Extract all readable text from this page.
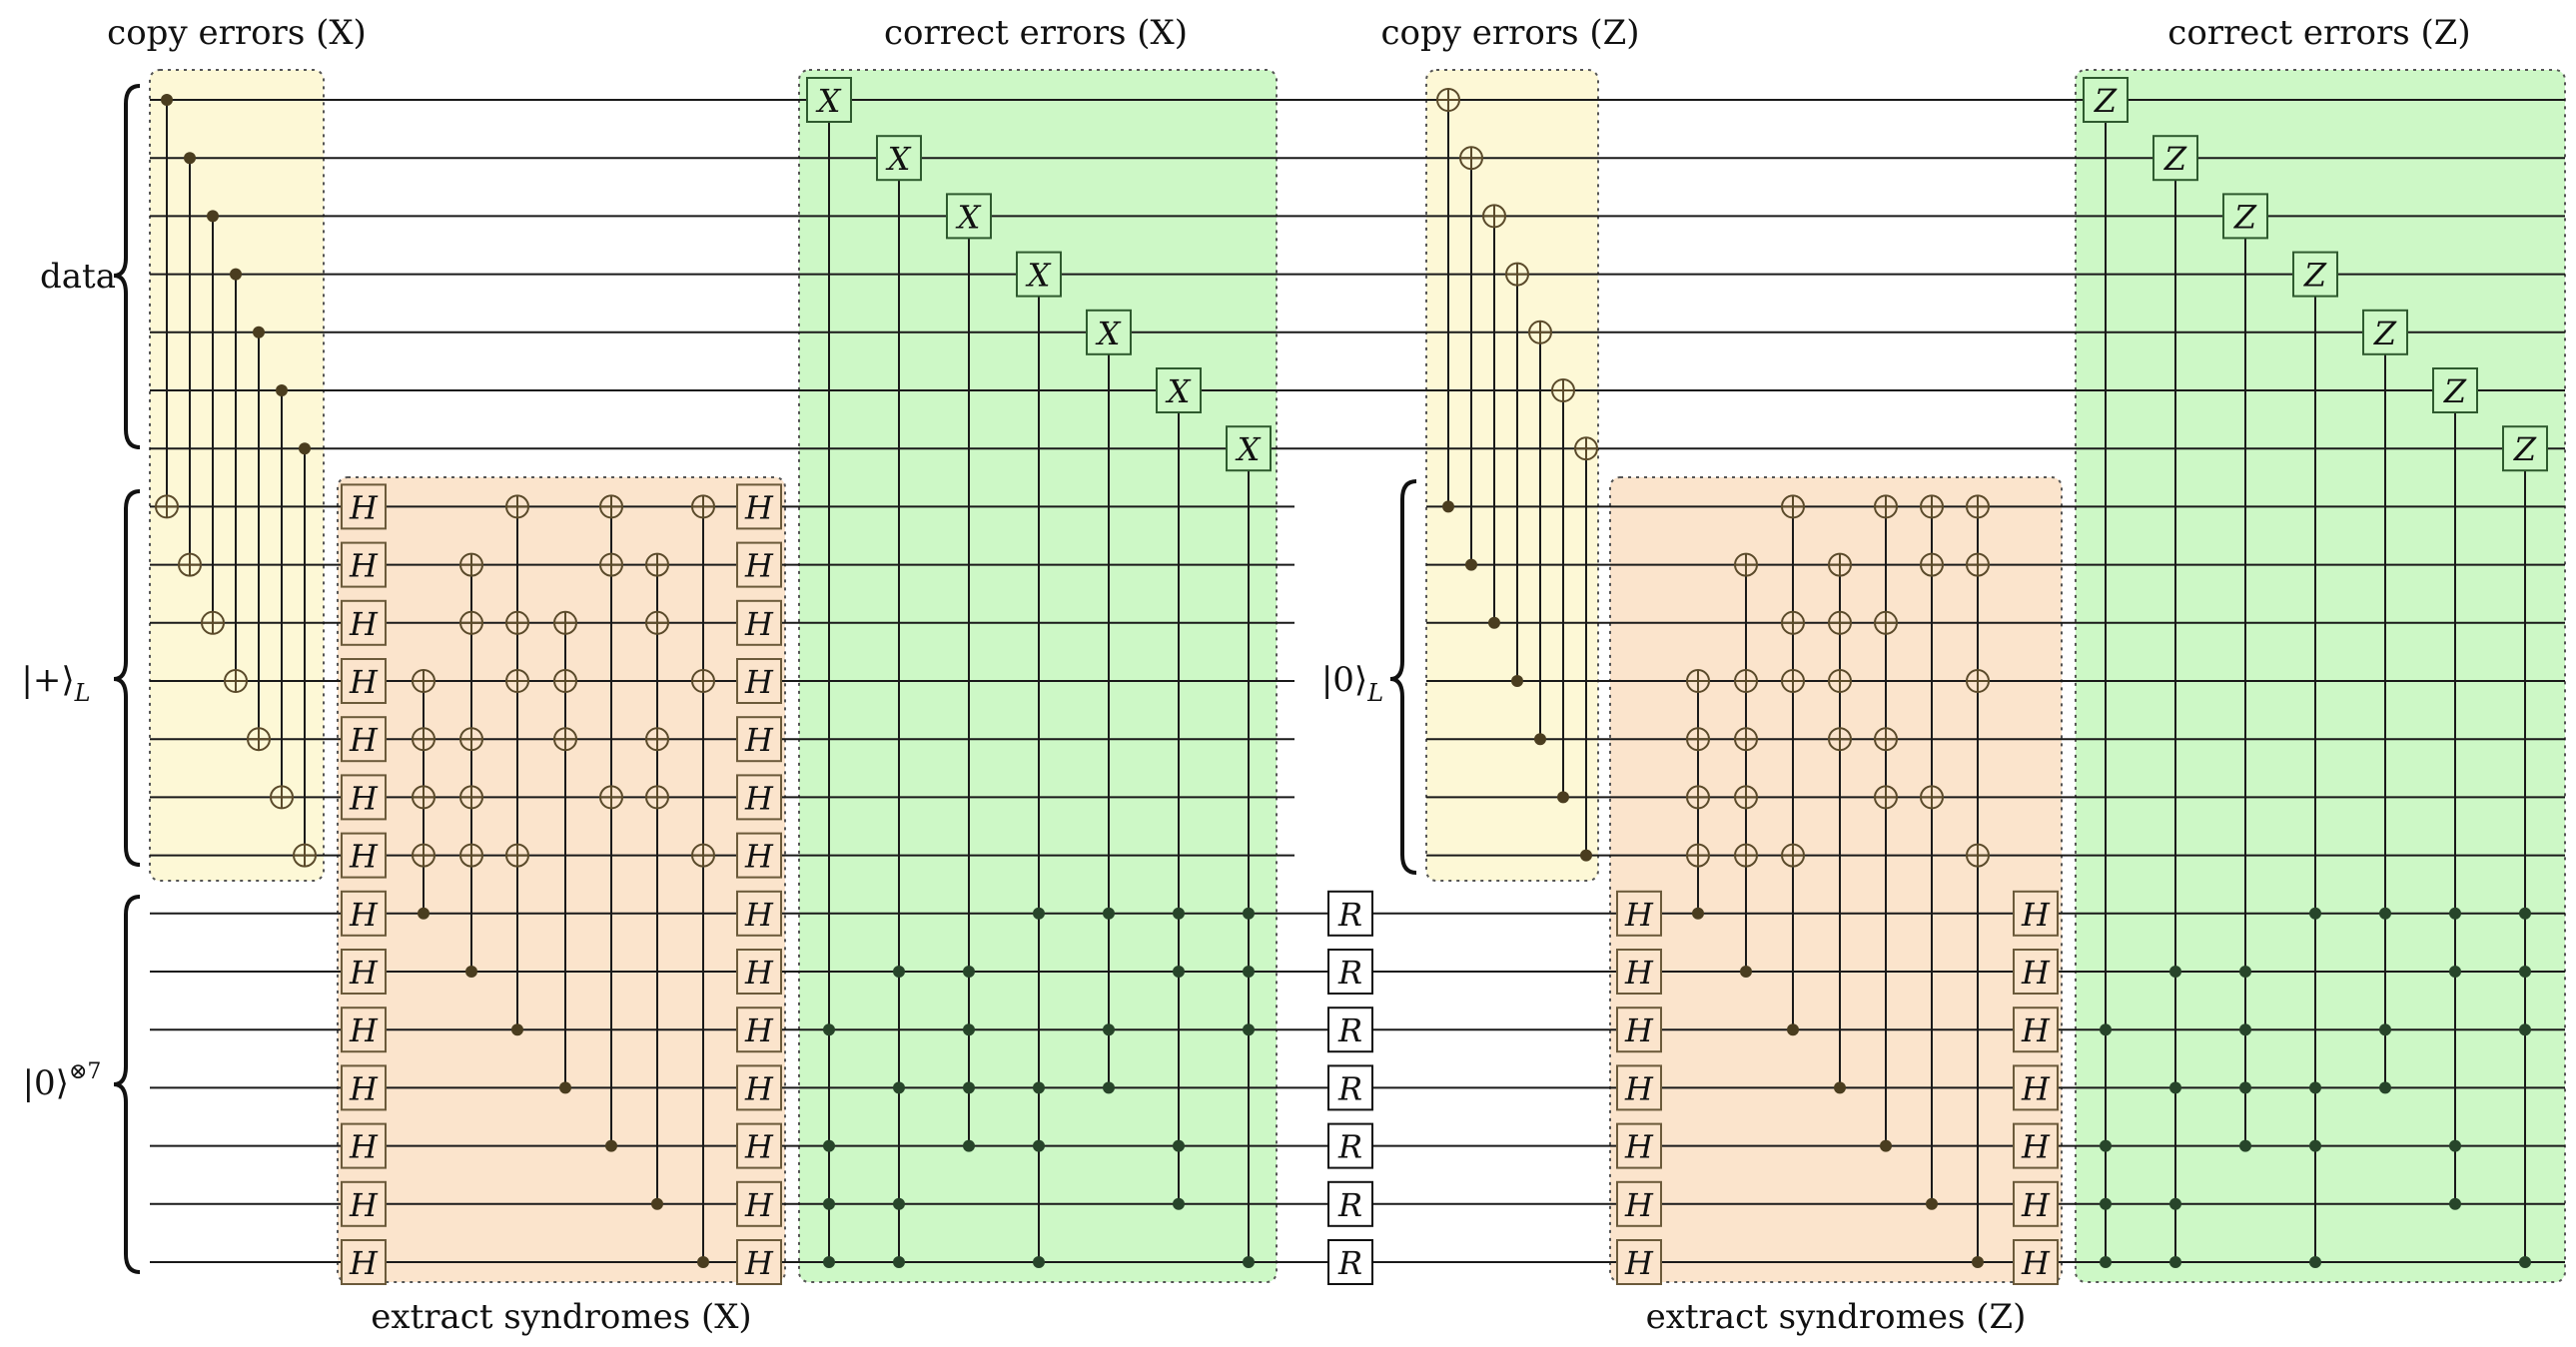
H
H
H
H
H
H
H
H
H
H
H
H
H
H
H
H
H
H
H
H
H
H
H
H
H
H
H
H
H
H
H
H
H
H
H
H
H
H
H
H
H
H
X
X
X
X
X
X
X
Z
Z
Z
Z
Z
Z
Z
R
R
R
R
R
R
R
copy errors (X)	correct errors (X)	copy errors (Z)	correct errors (Z)
extract syndromes (X)	extract syndromes (Z)
data
$|+⟩_L$
|0⟩$^{\otimes 7}$
$|0⟩_L$
